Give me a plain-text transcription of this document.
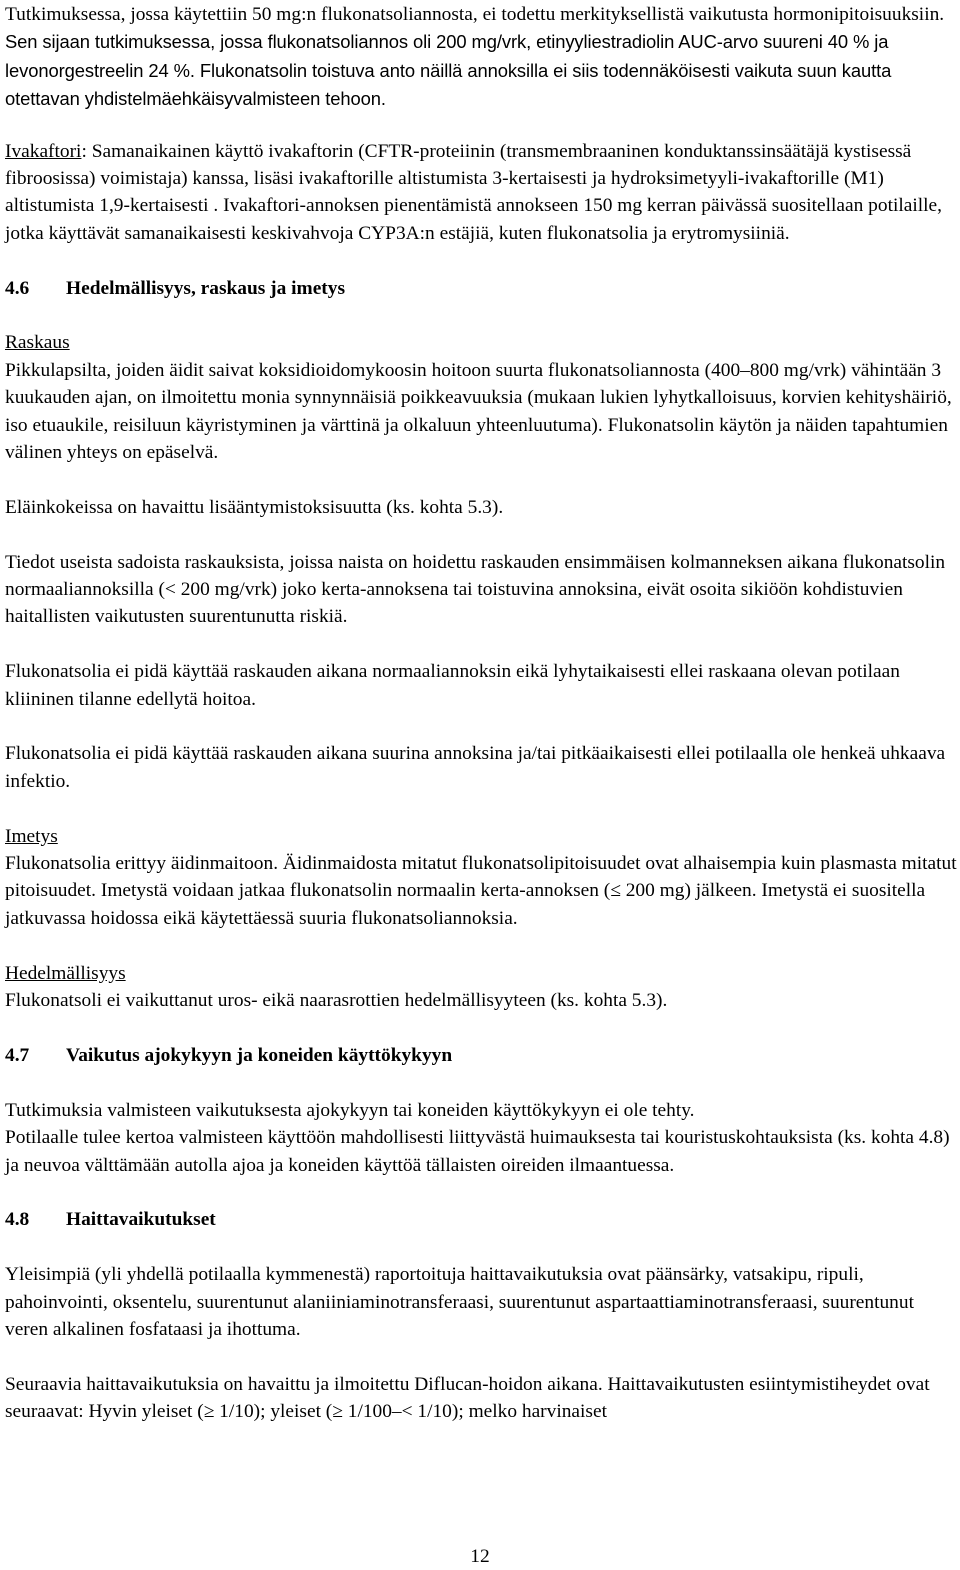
Tutkimuksessa, jossa käytettiin 50 mg:n flukonatsoliannosta, ei todettu merkityksellistä vaikutusta hormonipitoisuuksiin. Sen sijaan tutkimuksessa, jossa flukonatsoliannos oli 200 mg/vrk, etinyyliestradiolin AUC-arvo suureni 40 % ja levonorgestreelin 24 %. Flukonatsolin toistuva anto näillä annoksilla ei siis todennäköisesti vaikuta suun kautta otettavan yhdistelmäehkäisyvalmisteen tehoon.

Ivakaftori: Samanaikainen käyttö ivakaftorin (CFTR-proteiinin (transmembraaninen konduktanssinsäätäjä kystisessä fibroosissa) voimistaja) kanssa, lisäsi ivakaftorille altistumista 3-kertaisesti ja hydroksimetyyli-ivakaftorille (M1) altistumista 1,9-kertaisesti . Ivakaftori-annoksen pienentämistä annokseen 150 mg kerran päivässä suositellaan potilaille, jotka käyttävät samanaikaisesti keskivahvoja CYP3A:n estäjiä, kuten flukonatsolia ja erytromysiiniä.

4.6 Hedelmällisyys, raskaus ja imetys

Raskaus

Pikkulapsilta, joiden äidit saivat koksidioidomykoosin hoitoon suurta flukonatsoliannosta (400–800 mg/vrk) vähintään 3 kuukauden ajan, on ilmoitettu monia synnynnäisiä poikkeavuuksia (mukaan lukien lyhytkalloisuus, korvien kehityshäiriö, iso etuaukile, reisiluun käyristyminen ja värttinä ja olkaluun yhteenluutuma). Flukonatsolin käytön ja näiden tapahtumien välinen yhteys on epäselvä.

Eläinkokeissa on havaittu lisääntymistoksisuutta (ks. kohta 5.3).

Tiedot useista sadoista raskauksista, joissa naista on hoidettu raskauden ensimmäisen kolmanneksen aikana flukonatsolin normaaliannoksilla (< 200 mg/vrk) joko kerta-annoksena tai toistuvina annoksina, eivät osoita sikiöön kohdistuvien haitallisten vaikutusten suurentunutta riskiä.

Flukonatsolia ei pidä käyttää raskauden aikana normaaliannoksin eikä lyhytaikaisesti ellei raskaana olevan potilaan kliininen tilanne edellytä hoitoa.

Flukonatsolia ei pidä käyttää raskauden aikana suurina annoksina ja/tai pitkäaikaisesti ellei potilaalla ole henkeä uhkaava infektio.

Imetys

Flukonatsolia erittyy äidinmaitoon. Äidinmaidosta mitatut flukonatsolipitoisuudet ovat alhaisempia kuin plasmasta mitatut pitoisuudet. Imetystä voidaan jatkaa flukonatsolin normaalin kerta-annoksen (≤ 200 mg) jälkeen. Imetystä ei suositella jatkuvassa hoidossa eikä käytettäessä suuria flukonatsoliannoksia.

Hedelmällisyys

Flukonatsoli ei vaikuttanut uros- eikä naarasrottien hedelmällisyyteen (ks. kohta 5.3).

4.7 Vaikutus ajokykyyn ja koneiden käyttökykyyn

Tutkimuksia valmisteen vaikutuksesta ajokykyyn tai koneiden käyttökykyyn ei ole tehty.

Potilaalle tulee kertoa valmisteen käyttöön mahdollisesti liittyvästä huimauksesta tai kouristuskohtauksista (ks. kohta 4.8) ja neuvoa välttämään autolla ajoa ja koneiden käyttöä tällaisten oireiden ilmaantuessa.

4.8 Haittavaikutukset

Yleisimpiä (yli yhdellä potilaalla kymmenestä) raportoituja haittavaikutuksia ovat päänsärky, vatsakipu, ripuli, pahoinvointi, oksentelu, suurentunut alaniiniaminotransferaasi, suurentunut aspartaattiaminotransferaasi, suurentunut veren alkalinen fosfataasi ja ihottuma.

Seuraavia haittavaikutuksia on havaittu ja ilmoitettu Diflucan-hoidon aikana. Haittavaikutusten esiintymistiheydet ovat seuraavat: Hyvin yleiset (≥ 1/10); yleiset (≥ 1/100–< 1/10); melko harvinaiset

12
